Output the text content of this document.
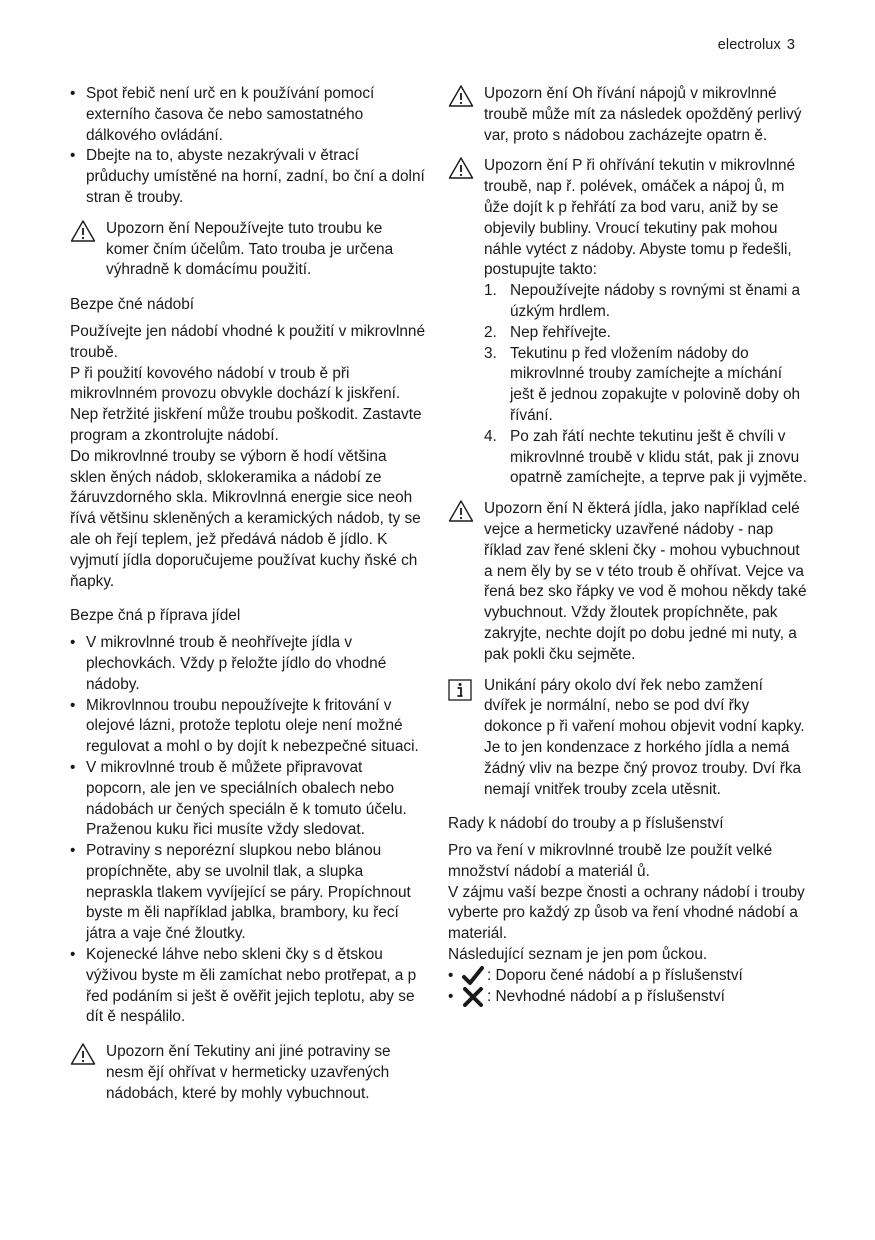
electrolux 3
• Spot řebič není urč en k používání pomocí externího časova če nebo samostatného dálkového ovládání.
• Dbejte na to, abyste nezakrývali v ětrací průduchy umístěné na horní, zadní, bo ční a dolní stran ě trouby.

Upozorn ění Nepoužívejte tuto troubu ke komer čním účelům. Tato trouba je určena výhradně k domácímu použití.

Bezpe čné nádobí

Používejte jen nádobí vhodné k použití v mikrovlnné troubě.

P ři použití kovového nádobí v troub ě při mikrovlnném provozu obvykle dochází k jiskření. Nep řetržité jiskření může troubu poškodit. Zastavte program a zkontrolujte nádobí.

Do mikrovlnné trouby se výborn ě hodí většina sklen ěných nádob, sklokeramika a nádobí ze žáruvzdorného skla. Mikrovlnná energie sice neoh řívá většinu skleněných a keramických nádob, ty se ale oh řejí teplem, jež předává nádob ě jídlo. K vyjmutí jídla doporučujeme používat kuchy ňské ch ňapky.

Bezpe čná p říprava jídel

• V mikrovlnné troub ě neohřívejte jídla v plechovkách. Vždy p řeložte jídlo do vhodné nádoby.
• Mikrovlnnou troubu nepoužívejte k fritování v olejové lázni, protože teplotu oleje není možné regulovat a mohl o by dojít k nebezpečné situaci.
• V mikrovlnné troub ě můžete připravovat popcorn, ale jen ve speciálních obalech nebo nádobách ur čených speciáln ě k tomuto účelu. Praženou kuku řici musíte vždy sledovat.
• Potraviny s neporézní slupkou nebo blánou propíchněte, aby se uvolnil tlak, a slupka nepraskla tlakem vyvíjející se páry. Propíchnout byste m ěli například jablka, brambory, ku řecí játra a vaje čné žloutky.
• Kojenecké láhve nebo skleni čky s d ětskou výživou byste m ěli zamíchat nebo protřepat, a p řed podáním si ješt ě ověřit jejich teplotu, aby se dít ě nespálilo.

Upozorn ění Tekutiny ani jiné potraviny se nesm ějí ohřívat v hermeticky uzavřených nádobách, které by mohly vybuchnout.

Upozorn ění Oh řívání nápojů v mikrovlnné troubě může mít za následek opožděný perlivý var, proto s nádobou zacházejte opatrn ě.

Upozorn ění P ři ohřívání tekutin v mikrovlnné troubě, nap ř. polévek, omáček a nápoj ů, m ůže dojít k p řehřátí za bod varu, aniž by se objevily bubliny. Vroucí tekutiny pak mohou náhle vytéct z nádoby. Abyste tomu p ředešli, postupujte takto:

1. Nepoužívejte nádoby s rovnými st ěnami a úzkým hrdlem.
2. Nep řehřívejte.
3. Tekutinu p řed vložením nádoby do mikrovlnné trouby zamíchejte a míchání ješt ě jednou zopakujte v polovině doby oh řívání.
4. Po zah řátí nechte tekutinu ješt ě chvíli v mikrovlnné troubě v klidu stát, pak ji znovu opatrně zamíchejte, a teprve pak ji vyjměte.

Upozorn ění N ěkterá jídla, jako například celé vejce a hermeticky uzavřené nádoby - nap říklad zav řené skleni čky - mohou vybuchnout a nem ěly by se v této troub ě ohřívat. Vejce va řená bez sko řápky ve vod ě mohou někdy také vybuchnout. Vždy žloutek propíchněte, pak zakryjte, nechte dojít po dobu jedné mi nuty, a pak pokli čku sejměte.

Unikání páry okolo dví řek nebo zamžení dvířek je normální, nebo se pod dví řky dokonce p ři vaření mohou objevit vodní kapky. Je to jen kondenzace z horkého jídla a nemá žádný vliv na bezpe čný provoz trouby. Dví řka nemají vnitřek trouby zcela utěsnit.

Rady k nádobí do trouby a p říslušenství

Pro va ření v mikrovlnné troubě lze použít velké množství nádobí a materiál ů.

V zájmu vaší bezpe čnosti a ochrany nádobí i trouby vyberte pro každý zp ůsob va ření vhodné nádobí a materiál.

Následující seznam je jen pom ůckou.

• : Doporu čené nádobí a p říslušenství
• : Nevhodné nádobí a p říslušenství
